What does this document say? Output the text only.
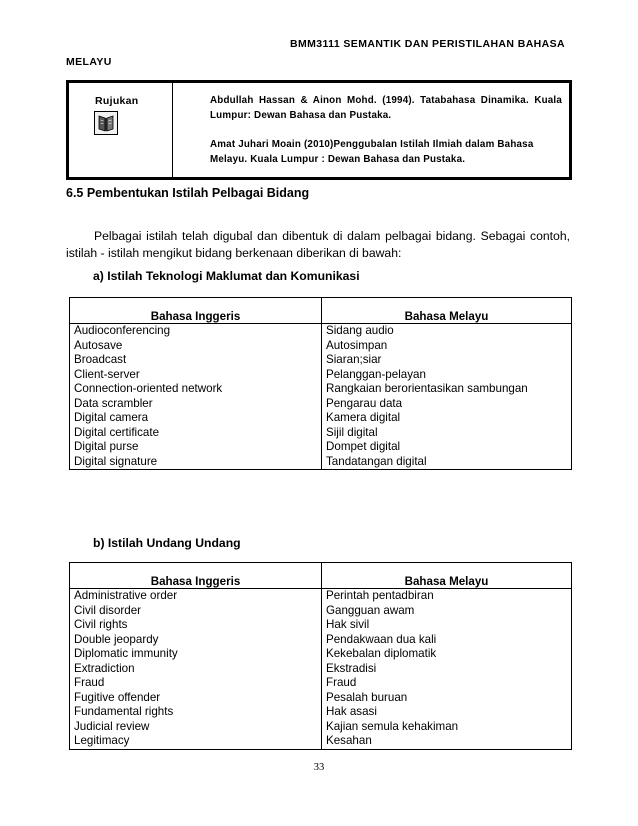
BMM3111 SEMANTIK DAN PERISTILAHAN BAHASA
MELAYU
Rujukan	Abdullah Hassan & Ainon Mohd. (1994). Tatabahasa Dinamika. Kuala Lumpur: Dewan Bahasa dan Pustaka.
Amat Juhari Moain (2010)Penggubalan Istilah Ilmiah dalam Bahasa Melayu. Kuala Lumpur : Dewan Bahasa dan Pustaka.
6.5 Pembentukan Istilah Pelbagai Bidang
Pelbagai istilah telah digubal dan dibentuk di dalam pelbagai bidang. Sebagai contoh, istilah - istilah mengikut bidang berkenaan diberikan di bawah:
a) Istilah Teknologi Maklumat dan Komunikasi
Bahasa Inggeris	Bahasa Melayu
Audioconferencing	Sidang audio
Autosave	Autosimpan
Broadcast	Siaran;siar
Client-server	Pelanggan-pelayan
Connection-oriented network	Rangkaian berorientasikan sambungan
Data scrambler	Pengarau data
Digital camera	Kamera digital
Digital certificate	Sijil digital
Digital purse	Dompet digital
Digital signature	Tandatangan digital
b) Istilah Undang Undang
Bahasa Inggeris	Bahasa Melayu
Administrative order	Perintah pentadbiran
Civil disorder	Gangguan awam
Civil rights	Hak sivil
Double jeopardy	Pendakwaan dua kali
Diplomatic immunity	Kekebalan diplomatik
Extradiction	Ekstradisi
Fraud	Fraud
Fugitive offender	Pesalah buruan
Fundamental rights	Hak asasi
Judicial review	Kajian semula kehakiman
Legitimacy	Kesahan
33
